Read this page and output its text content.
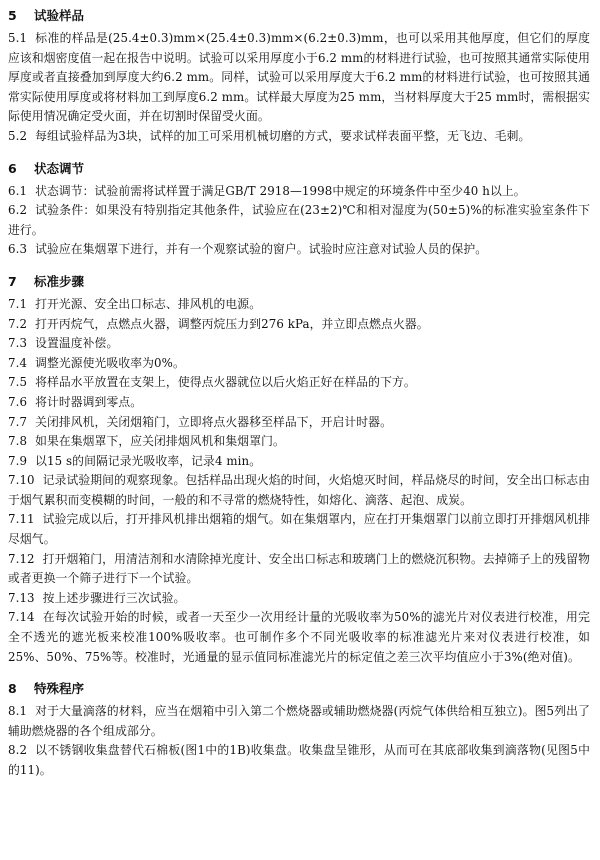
5 试验样品

5.1 标准的样品是(25.4±0.3)mm×(25.4±0.3)mm×(6.2±0.3)mm，也可以采用其他厚度，但它们的厚度应该和烟密度值一起在报告中说明。试验可以采用厚度小于6.2 mm的材料进行试验，也可按照其通常实际使用厚度或者直接叠加到厚度大约6.2 mm。同样，试验可以采用厚度大于6.2 mm的材料进行试验，也可按照其通常实际使用厚度或将材料加工到厚度6.2 mm。试样最大厚度为25 mm，当材料厚度大于25 mm时，需根据实际使用情况确定受火面，并在切割时保留受火面。

5.2 每组试验样品为3块，试样的加工可采用机械切磨的方式，要求试样表面平整，无飞边、毛刺。

6 状态调节

6.1 状态调节：试验前需将试样置于满足GB/T 2918—1998中规定的环境条件中至少40 h以上。

6.2 试验条件：如果没有特别指定其他条件，试验应在(23±2)℃和相对湿度为(50±5)%的标准实验室条件下进行。

6.3 试验应在集烟罩下进行，并有一个观察试验的窗户。试验时应注意对试验人员的保护。

7 标准步骤

7.1 打开光源、安全出口标志、排风机的电源。

7.2 打开丙烷气，点燃点火器，调整丙烷压力到276 kPa，并立即点燃点火器。

7.3 设置温度补偿。

7.4 调整光源使光吸收率为0%。

7.5 将样品水平放置在支架上，使得点火器就位以后火焰正好在样品的下方。

7.6 将计时器调到零点。

7.7 关闭排风机，关闭烟箱门，立即将点火器移至样品下，开启计时器。

7.8 如果在集烟罩下，应关闭排烟风机和集烟罩门。

7.9 以15 s的间隔记录光吸收率，记录4 min。

7.10 记录试验期间的观察现象。包括样品出现火焰的时间，火焰熄灭时间，样品烧尽的时间，安全出口标志由于烟气累积而变模糊的时间，一般的和不寻常的燃烧特性，如熔化、滴落、起泡、成炭。

7.11 试验完成以后，打开排风机排出烟箱的烟气。如在集烟罩内，应在打开集烟罩门以前立即打开排烟风机排尽烟气。

7.12 打开烟箱门，用清洁剂和水清除掉光度计、安全出口标志和玻璃门上的燃烧沉积物。去掉筛子上的残留物或者更换一个筛子进行下一个试验。

7.13 按上述步骤进行三次试验。

7.14 在每次试验开始的时候，或者一天至少一次用经计量的光吸收率为50%的滤光片对仪表进行校准，用完全不透光的遮光板来校准100%吸收率。也可制作多个不同光吸收率的标准滤光片来对仪表进行校准，如25%、50%、75%等。校准时，光通量的显示值同标准滤光片的标定值之差三次平均值应小于3%(绝对值)。

8 特殊程序

8.1 对于大量滴落的材料，应当在烟箱中引入第二个燃烧器或辅助燃烧器(丙烷气体供给相互独立)。图5列出了辅助燃烧器的各个组成部分。

8.2 以不锈钢收集盘替代石棉板(图1中的1B)收集盘。收集盘呈锥形，从而可在其底部收集到滴落物(见图5中的11)。
